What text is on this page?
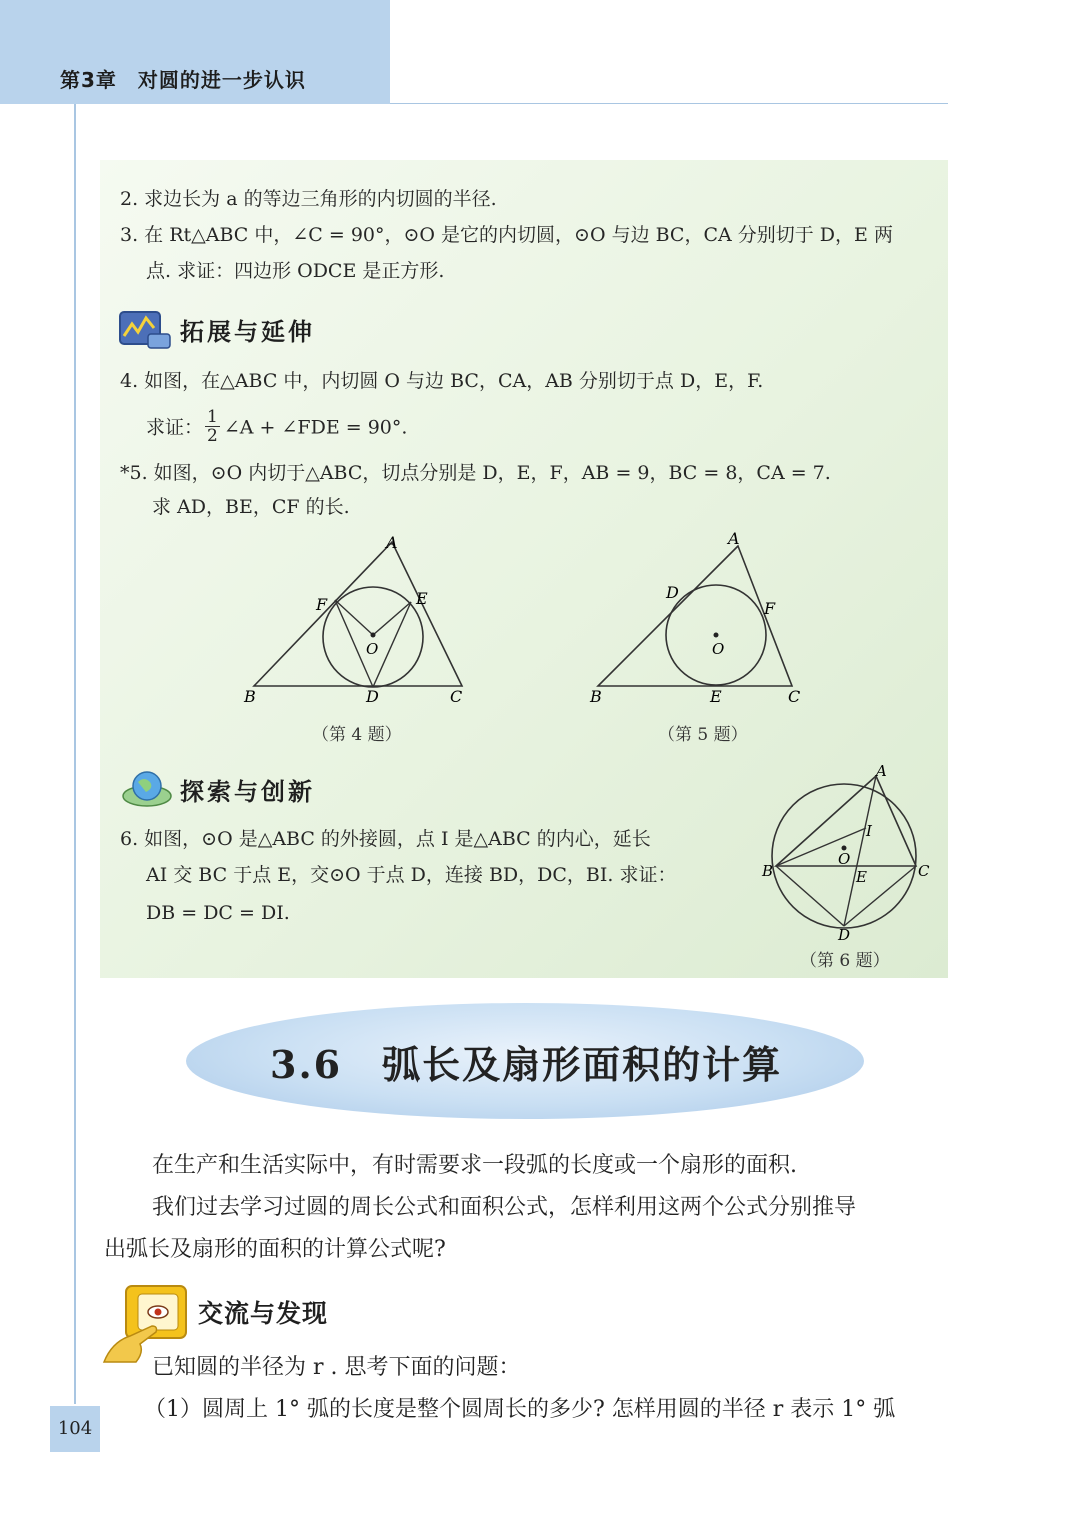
第3章　对圆的进一步认识
2. 求边长为 a 的等边三角形的内切圆的半径.
3. 在 Rt△ABC 中，∠C = 90°，⊙O 是它的内切圆，⊙O 与边 BC，CA 分别切于 D，E 两
点. 求证：四边形 ODCE 是正方形.
拓展与延伸
4. 如图，在△ABC 中，内切圆 O 与边 BC，CA，AB 分别切于点 D，E，F.
求证： $\frac{1}{2}$ ∠A + ∠FDE = 90°.
*5. 如图，⊙O 内切于△ABC，切点分别是 D，E，F，AB = 9，BC = 8，CA = 7.
求 AD，BE，CF 的长.
A
B	C
D
E
F
O
（第 4 题）
A
B	C
D
E
F
O
（第 5 题）
探索与创新
6. 如图，⊙O 是△ABC 的外接圆，点 I 是△ABC 的内心，延长
AI 交 BC 于点 E，交⊙O 于点 D，连接 BD，DC，BI. 求证：
DB = DC = DI.
A
B	C
D
E
I
O
（第 6 题）
3.6 弧长及扇形面积的计算
在生产和生活实际中，有时需要求一段弧的长度或一个扇形的面积.
我们过去学习过圆的周长公式和面积公式，怎样利用这两个公式分别推导
出弧长及扇形的面积的计算公式呢?
交流与发现
已知圆的半径为 r . 思考下面的问题：
（1）圆周上 1° 弧的长度是整个圆周长的多少? 怎样用圆的半径 r 表示 1° 弧
104
